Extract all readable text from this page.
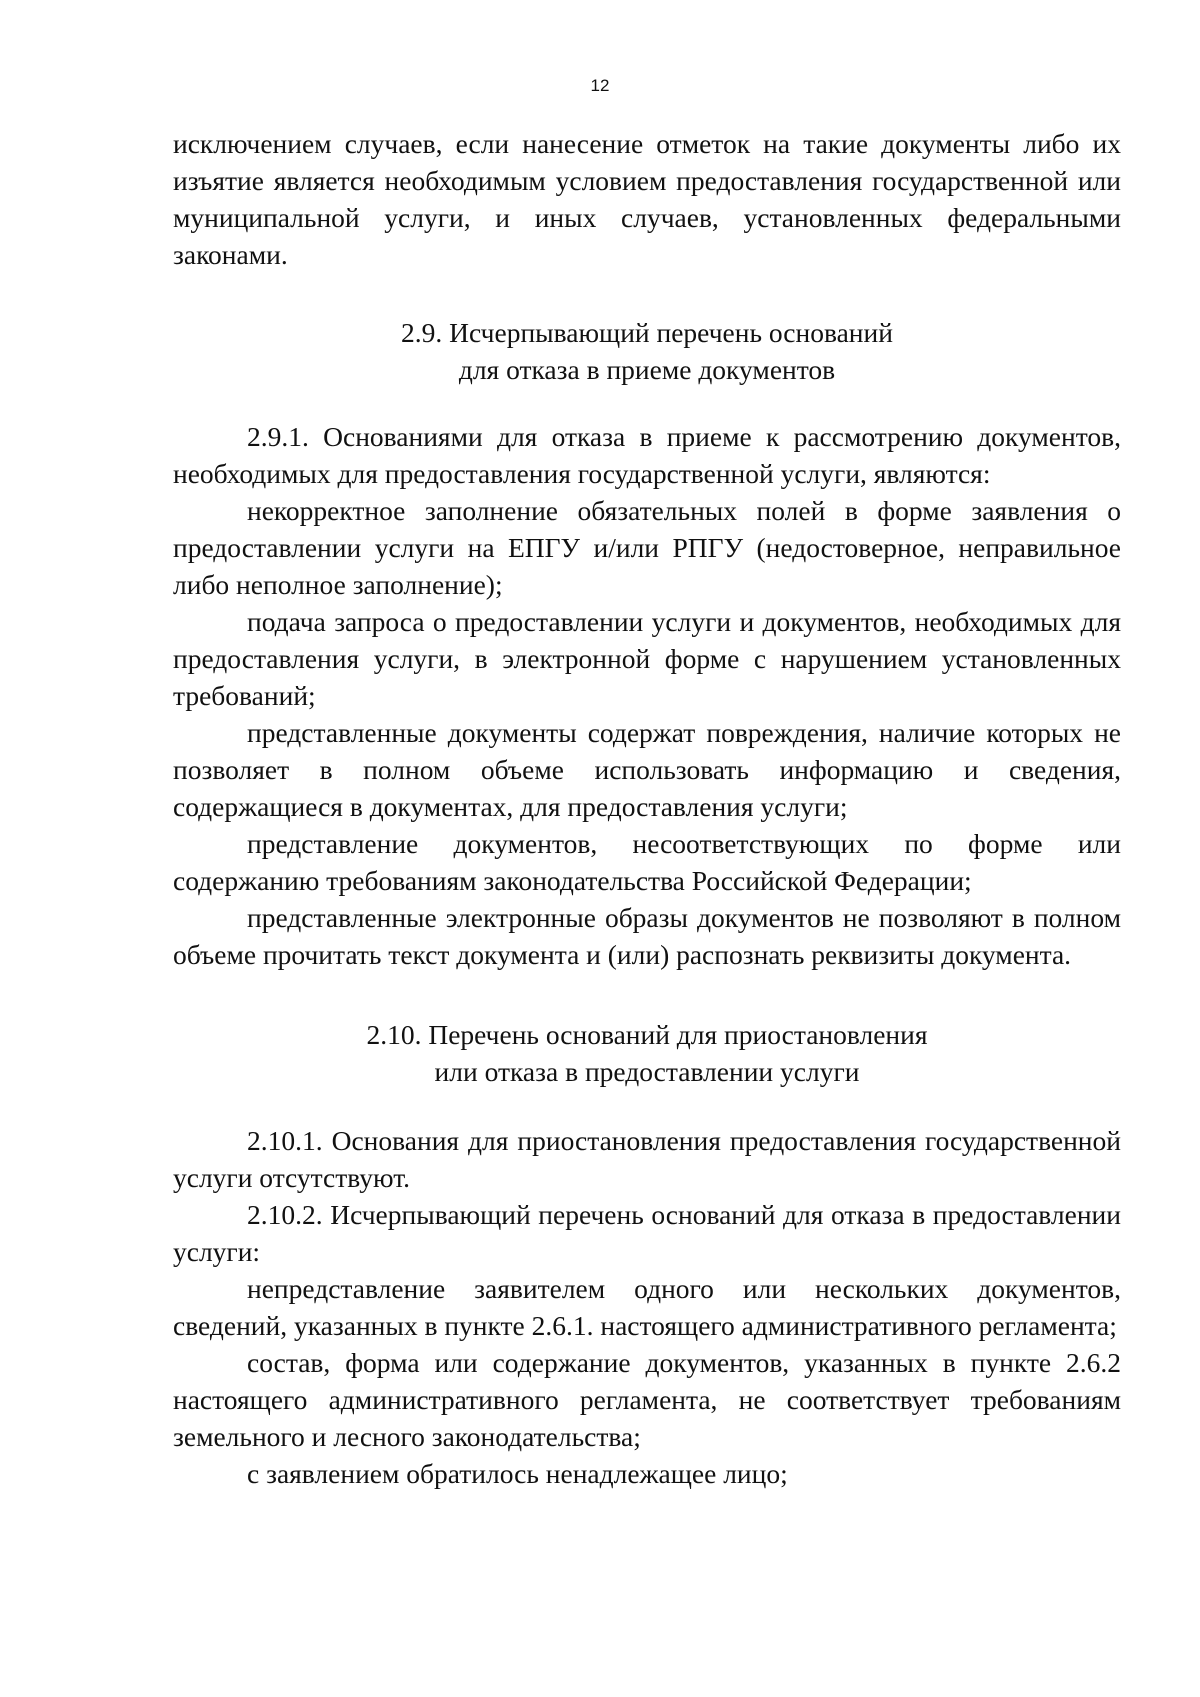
12

исключением случаев, если нанесение отметок на такие документы либо их изъятие является необходимым условием предоставления государственной или муниципальной услуги, и иных случаев, установленных федеральными законами.

2.9. Исчерпывающий перечень оснований

для отказа в приеме документов

2.9.1. Основаниями для отказа в приеме к рассмотрению документов, необходимых для предоставления государственной услуги, являются:

некорректное заполнение обязательных полей в форме заявления о предоставлении услуги на ЕПГУ и/или РПГУ (недостоверное, неправильное либо неполное заполнение);

подача запроса о предоставлении услуги и документов, необходимых для предоставления услуги, в электронной форме с нарушением установленных требований;

представленные документы содержат повреждения, наличие которых не позволяет в полном объеме использовать информацию и сведения, содержащиеся в документах, для предоставления услуги;

представление документов, несоответствующих по форме или содержанию требованиям законодательства Российской Федерации;

представленные электронные образы документов не позволяют в полном объеме прочитать текст документа и (или) распознать реквизиты документа.

2.10. Перечень оснований для приостановления

или отказа в предоставлении услуги

2.10.1. Основания для приостановления предоставления государственной услуги отсутствуют.

2.10.2. Исчерпывающий перечень оснований для отказа в предоставлении услуги:

непредставление заявителем одного или нескольких документов, сведений, указанных в пункте 2.6.1. настоящего административного регламента;

состав, форма или содержание документов, указанных в пункте 2.6.2 настоящего административного регламента, не соответствует требованиям земельного и лесного законодательства;

с заявлением обратилось ненадлежащее лицо;
